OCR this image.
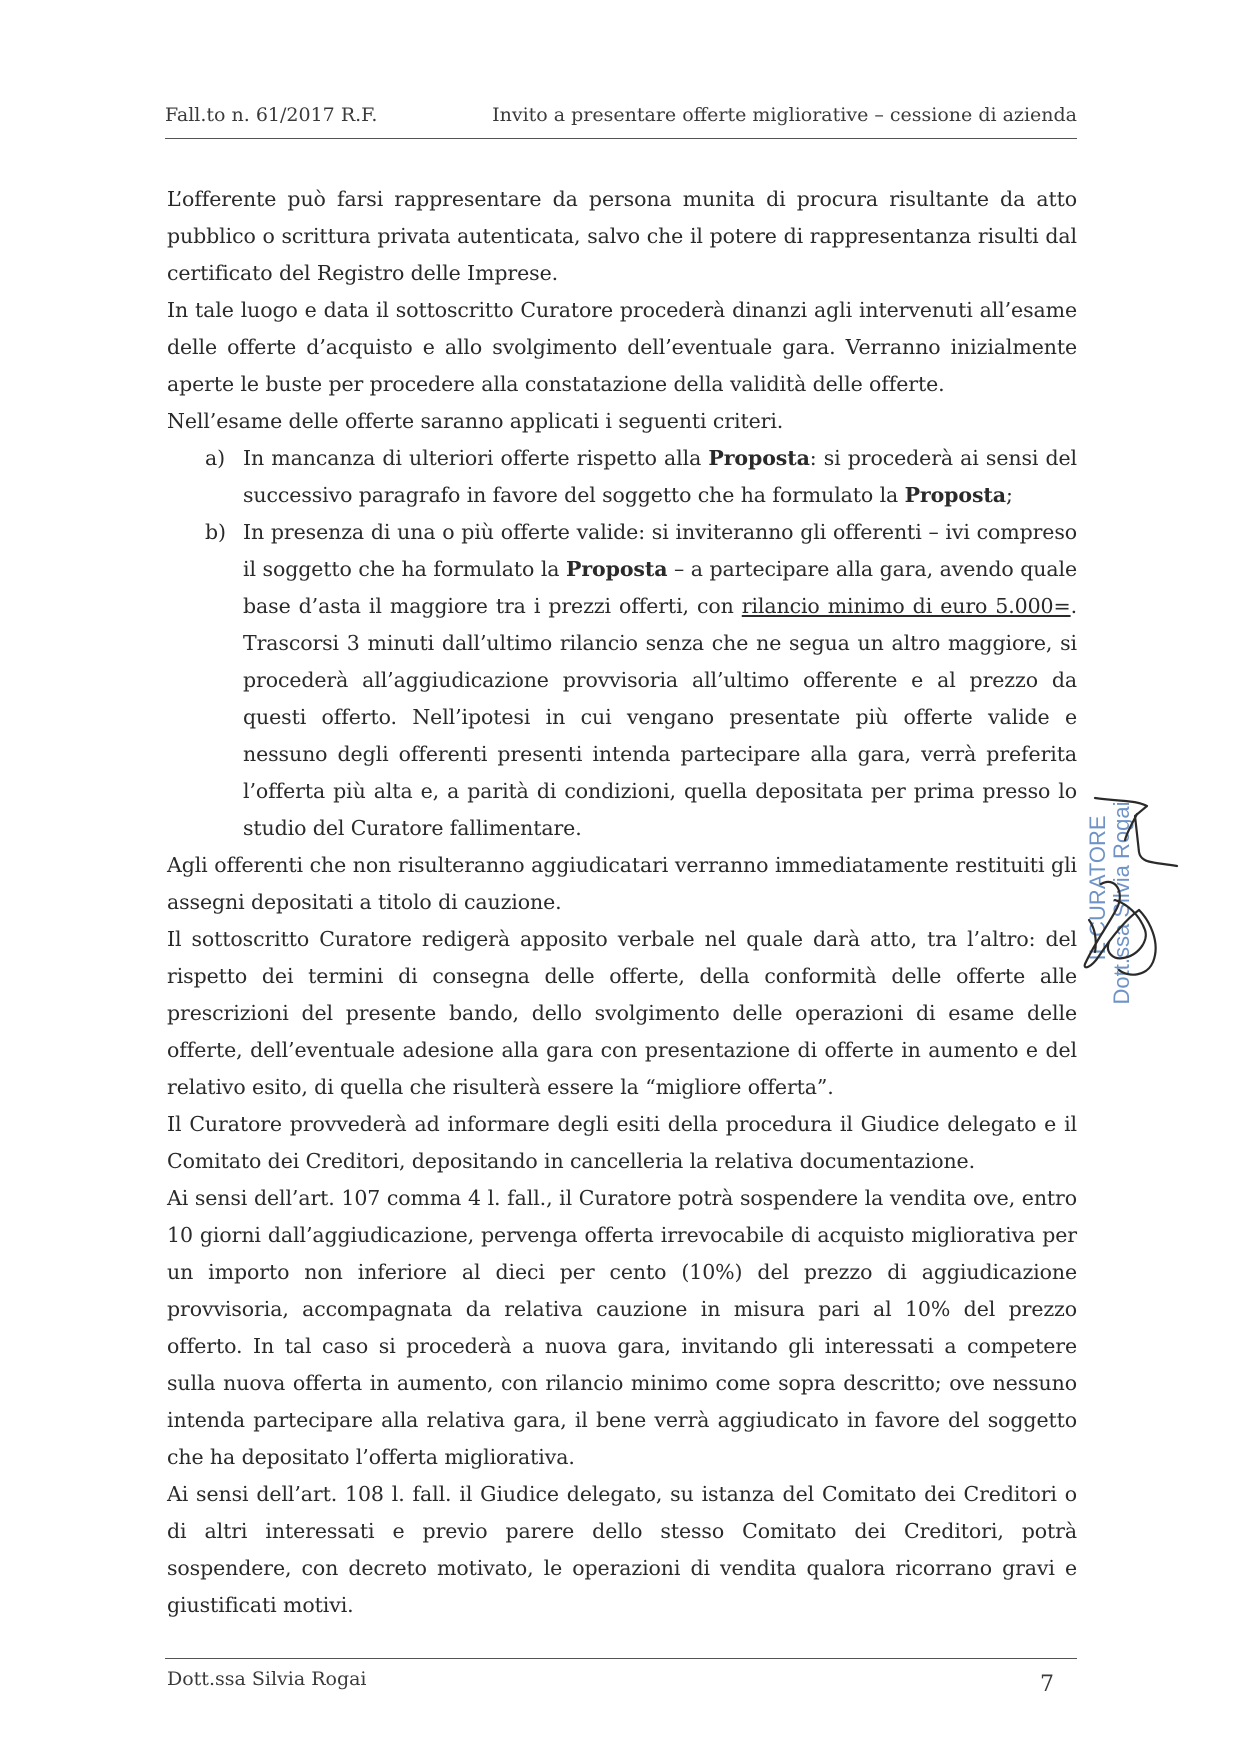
Fall.to n. 61/2017 R.F.	Invito a presentare offerte migliorative – cessione di azienda

L’offerente può farsi rappresentare da persona munita di procura risultante da atto pubblico o scrittura privata autenticata, salvo che il potere di rappresentanza risulti dal certificato del Registro delle Imprese.

In tale luogo e data il sottoscritto Curatore procederà dinanzi agli intervenuti all’esame delle offerte d’acquisto e allo svolgimento dell’eventuale gara. Verranno inizialmente aperte le buste per procedere alla constatazione della validità delle offerte.

Nell’esame delle offerte saranno applicati i seguenti criteri.

a) In mancanza di ulteriori offerte rispetto alla Proposta: si procederà ai sensi del successivo paragrafo in favore del soggetto che ha formulato la Proposta;
b) In presenza di una o più offerte valide: si inviteranno gli offerenti – ivi compreso il soggetto che ha formulato la Proposta – a partecipare alla gara, avendo quale base d’asta il maggiore tra i prezzi offerti, con rilancio minimo di euro 5.000=. Trascorsi 3 minuti dall’ultimo rilancio senza che ne segua un altro maggiore, si procederà all’aggiudicazione provvisoria all’ultimo offerente e al prezzo da questi offerto. Nell’ipotesi in cui vengano presentate più offerte valide e nessuno degli offerenti presenti intenda partecipare alla gara, verrà preferita l’offerta più alta e, a parità di condizioni, quella depositata per prima presso lo studio del Curatore fallimentare.

Agli offerenti che non risulteranno aggiudicatari verranno immediatamente restituiti gli assegni depositati a titolo di cauzione.

Il sottoscritto Curatore redigerà apposito verbale nel quale darà atto, tra l’altro: del rispetto dei termini di consegna delle offerte, della conformità delle offerte alle prescrizioni del presente bando, dello svolgimento delle operazioni di esame delle offerte, dell’eventuale adesione alla gara con presentazione di offerte in aumento e del relativo esito, di quella che risulterà essere la “migliore offerta”.

Il Curatore provvederà ad informare degli esiti della procedura il Giudice delegato e il Comitato dei Creditori, depositando in cancelleria la relativa documentazione.

Ai sensi dell’art. 107 comma 4 l. fall., il Curatore potrà sospendere la vendita ove, entro 10 giorni dall’aggiudicazione, pervenga offerta irrevocabile di acquisto migliorativa per un importo non inferiore al dieci per cento (10%) del prezzo di aggiudicazione provvisoria, accompagnata da relativa cauzione in misura pari al 10% del prezzo offerto. In tal caso si procederà a nuova gara, invitando gli interessati a competere sulla nuova offerta in aumento, con rilancio minimo come sopra descritto; ove nessuno intenda partecipare alla relativa gara, il bene verrà aggiudicato in favore del soggetto che ha depositato l’offerta migliorativa.

Ai sensi dell’art. 108 l. fall. il Giudice delegato, su istanza del Comitato dei Creditori o di altri interessati e previo parere dello stesso Comitato dei Creditori, potrà sospendere, con decreto motivato, le operazioni di vendita qualora ricorrano gravi e giustificati motivi.

IL CURATORE Dott.ssa Silvia Rogai
Dott.ssa Silvia Rogai	7
